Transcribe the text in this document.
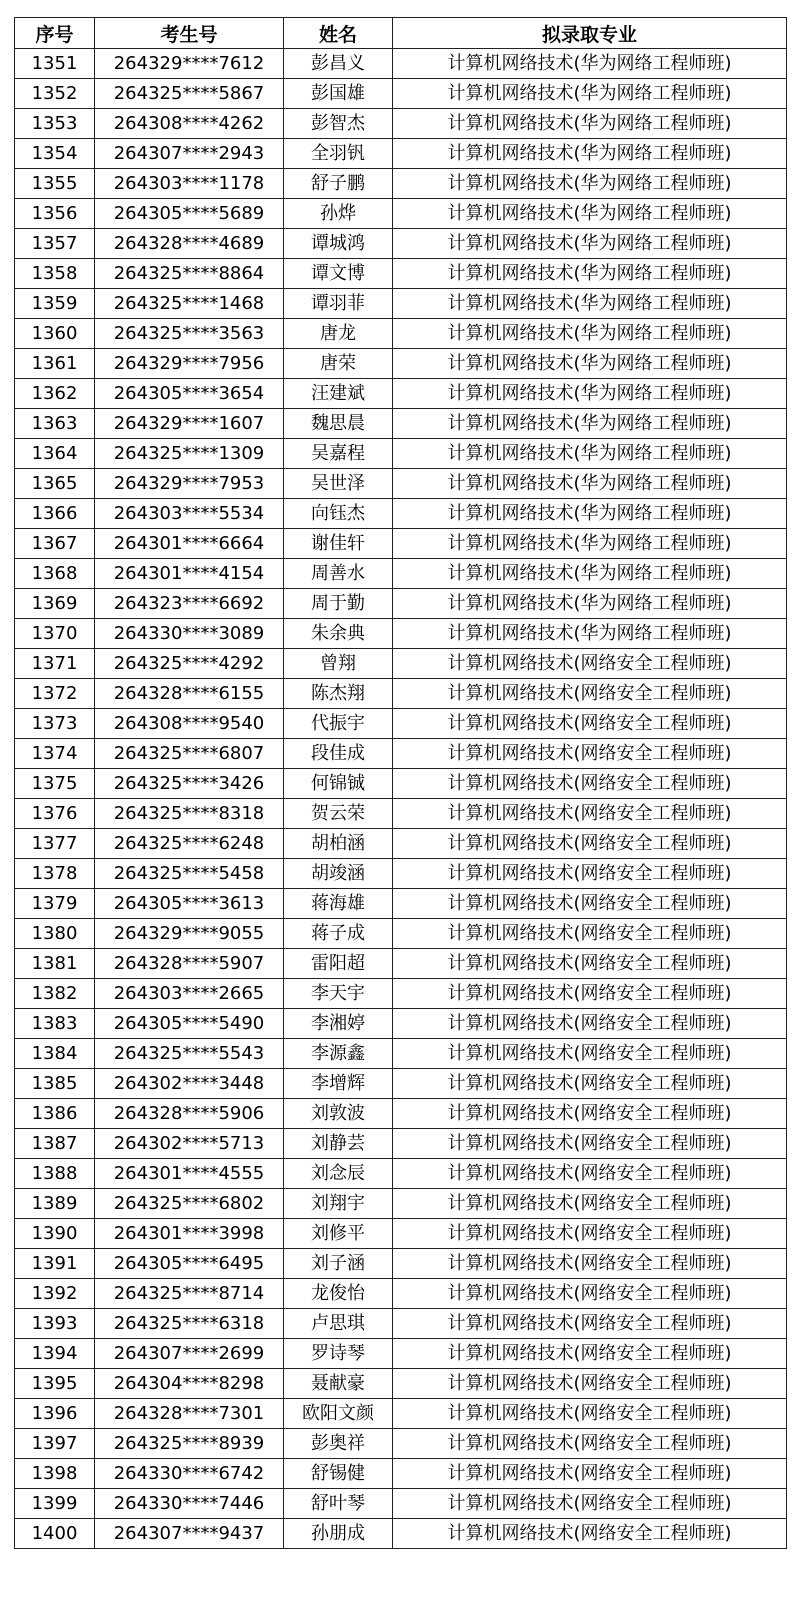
序号	考生号	姓名	拟录取专业
1351	264329****7612	彭昌义	计算机网络技术(华为网络工程师班)
1352	264325****5867	彭国雄	计算机网络技术(华为网络工程师班)
1353	264308****4262	彭智杰	计算机网络技术(华为网络工程师班)
1354	264307****2943	全羽钒	计算机网络技术(华为网络工程师班)
1355	264303****1178	舒子鹏	计算机网络技术(华为网络工程师班)
1356	264305****5689	孙烨	计算机网络技术(华为网络工程师班)
1357	264328****4689	谭城鸿	计算机网络技术(华为网络工程师班)
1358	264325****8864	谭文博	计算机网络技术(华为网络工程师班)
1359	264325****1468	谭羽菲	计算机网络技术(华为网络工程师班)
1360	264325****3563	唐龙	计算机网络技术(华为网络工程师班)
1361	264329****7956	唐荣	计算机网络技术(华为网络工程师班)
1362	264305****3654	汪建斌	计算机网络技术(华为网络工程师班)
1363	264329****1607	魏思晨	计算机网络技术(华为网络工程师班)
1364	264325****1309	吴嘉程	计算机网络技术(华为网络工程师班)
1365	264329****7953	吴世泽	计算机网络技术(华为网络工程师班)
1366	264303****5534	向钰杰	计算机网络技术(华为网络工程师班)
1367	264301****6664	谢佳轩	计算机网络技术(华为网络工程师班)
1368	264301****4154	周善水	计算机网络技术(华为网络工程师班)
1369	264323****6692	周于勤	计算机网络技术(华为网络工程师班)
1370	264330****3089	朱余典	计算机网络技术(华为网络工程师班)
1371	264325****4292	曾翔	计算机网络技术(网络安全工程师班)
1372	264328****6155	陈杰翔	计算机网络技术(网络安全工程师班)
1373	264308****9540	代振宇	计算机网络技术(网络安全工程师班)
1374	264325****6807	段佳成	计算机网络技术(网络安全工程师班)
1375	264325****3426	何锦铖	计算机网络技术(网络安全工程师班)
1376	264325****8318	贺云荣	计算机网络技术(网络安全工程师班)
1377	264325****6248	胡柏涵	计算机网络技术(网络安全工程师班)
1378	264325****5458	胡竣涵	计算机网络技术(网络安全工程师班)
1379	264305****3613	蒋海雄	计算机网络技术(网络安全工程师班)
1380	264329****9055	蒋子成	计算机网络技术(网络安全工程师班)
1381	264328****5907	雷阳超	计算机网络技术(网络安全工程师班)
1382	264303****2665	李天宇	计算机网络技术(网络安全工程师班)
1383	264305****5490	李湘婷	计算机网络技术(网络安全工程师班)
1384	264325****5543	李源鑫	计算机网络技术(网络安全工程师班)
1385	264302****3448	李增辉	计算机网络技术(网络安全工程师班)
1386	264328****5906	刘敦波	计算机网络技术(网络安全工程师班)
1387	264302****5713	刘静芸	计算机网络技术(网络安全工程师班)
1388	264301****4555	刘念辰	计算机网络技术(网络安全工程师班)
1389	264325****6802	刘翔宇	计算机网络技术(网络安全工程师班)
1390	264301****3998	刘修平	计算机网络技术(网络安全工程师班)
1391	264305****6495	刘子涵	计算机网络技术(网络安全工程师班)
1392	264325****8714	龙俊怡	计算机网络技术(网络安全工程师班)
1393	264325****6318	卢思琪	计算机网络技术(网络安全工程师班)
1394	264307****2699	罗诗琴	计算机网络技术(网络安全工程师班)
1395	264304****8298	聂献豪	计算机网络技术(网络安全工程师班)
1396	264328****7301	欧阳文颜	计算机网络技术(网络安全工程师班)
1397	264325****8939	彭奥祥	计算机网络技术(网络安全工程师班)
1398	264330****6742	舒锡健	计算机网络技术(网络安全工程师班)
1399	264330****7446	舒叶琴	计算机网络技术(网络安全工程师班)
1400	264307****9437	孙朋成	计算机网络技术(网络安全工程师班)
